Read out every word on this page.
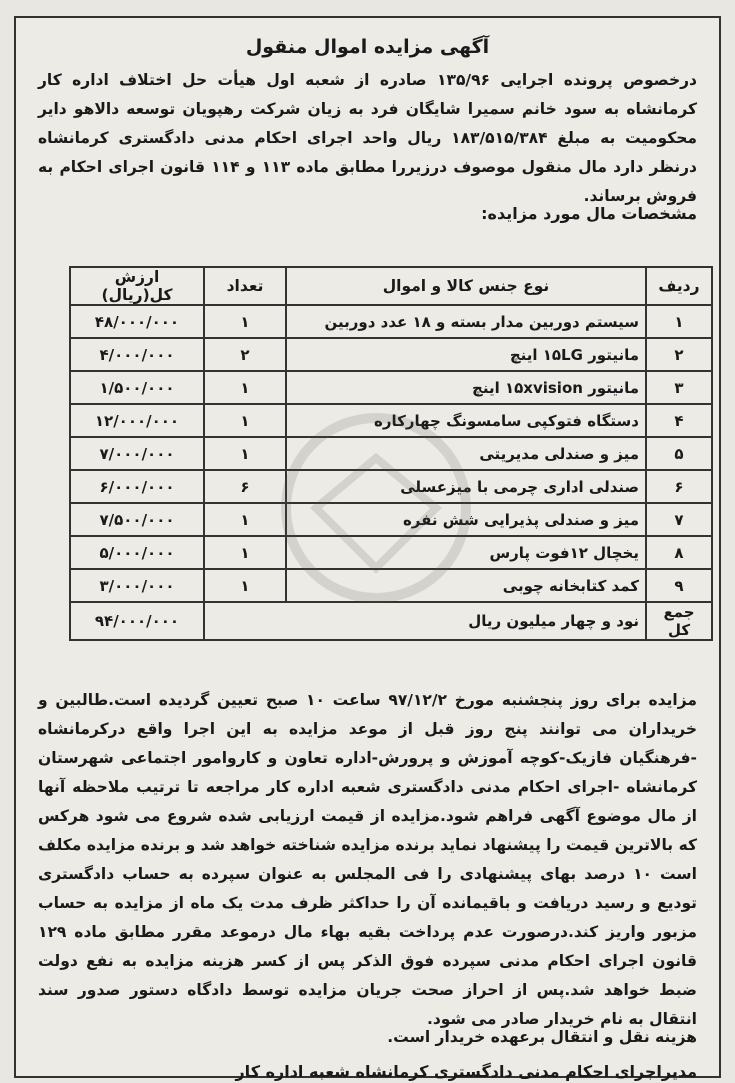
آگهی مزایده اموال منقول
درخصوص پرونده اجرایی ۱۳۵/۹۶ صادره از شعبه اول هیأت حل اختلاف اداره کار کرمانشاه به سود خانم سمیرا شایگان فرد به زیان شرکت رهپویان توسعه دالاهو دایر محکومیت به مبلغ ۱۸۳/۵۱۵/۳۸۴ ریال واحد اجرای احکام مدنی دادگستری کرمانشاه درنظر دارد مال منقول موصوف درزیررا مطابق ماده ۱۱۳ و ۱۱۴ قانون اجرای احکام به فروش برساند.
مشخصات مال مورد مزایده:
ردیف	نوع جنس کالا و اموال	تعداد	ارزش کل(ریال)
۱	سیستم دوربین مدار بسته و ۱۸ عدد دوربین	۱	۴۸/۰۰۰/۰۰۰
۲	مانیتور ۱۵LG اینچ	۲	۴/۰۰۰/۰۰۰
۳	مانیتور ۱۵xvision اینچ	۱	۱/۵۰۰/۰۰۰
۴	دستگاه فتوکپی سامسونگ چهارکاره	۱	۱۲/۰۰۰/۰۰۰
۵	میز و صندلی مدیریتی	۱	۷/۰۰۰/۰۰۰
۶	صندلی اداری چرمی با میزعسلی	۶	۶/۰۰۰/۰۰۰
۷	میز و صندلی پذیرایی شش نفره	۱	۷/۵۰۰/۰۰۰
۸	یخچال ۱۲فوت پارس	۱	۵/۰۰۰/۰۰۰
۹	کمد کتابخانه چوبی	۱	۳/۰۰۰/۰۰۰
جمع کل	نود و چهار میلیون ریال		۹۴/۰۰۰/۰۰۰
مزایده برای روز پنجشنبه مورخ ۹۷/۱۲/۲ ساعت ۱۰ صبح تعیین گردیده است.طالبین و خریداران می توانند پنج روز قبل از موعد مزایده به این اجرا واقع درکرمانشاه -فرهنگیان فازیک-کوچه آموزش و پرورش-اداره تعاون و کاروامور اجتماعی شهرستان کرمانشاه -اجرای احکام مدنی دادگستری شعبه اداره کار مراجعه تا ترتیب ملاحظه آنها از مال موضوع آگهی فراهم شود.مزایده از قیمت ارزیابی شده شروع می شود هرکس که بالاترین قیمت را پیشنهاد نماید برنده مزایده شناخته خواهد شد و برنده مزایده مکلف است ۱۰ درصد بهای پیشنهادی را فی المجلس به عنوان سپرده به حساب دادگستری تودیع و رسید دریافت و باقیمانده آن را حداکثر ظرف مدت یک ماه از مزایده به حساب مزبور واریز کند.درصورت عدم پرداخت بقیه بهاء مال درموعد مقرر مطابق ماده ۱۲۹ قانون اجرای احکام مدنی سپرده فوق الذکر پس از کسر هزینه مزایده به نفع دولت ضبط خواهد شد.پس از احراز صحت جریان مزایده توسط دادگاه دستور صدور سند انتقال به نام خریدار صادر می شود.
هزینه نقل و انتقال برعهده خریدار است.
مدیراجرای احکام مدنی دادگستری کرمانشاه شعبه اداره کار
